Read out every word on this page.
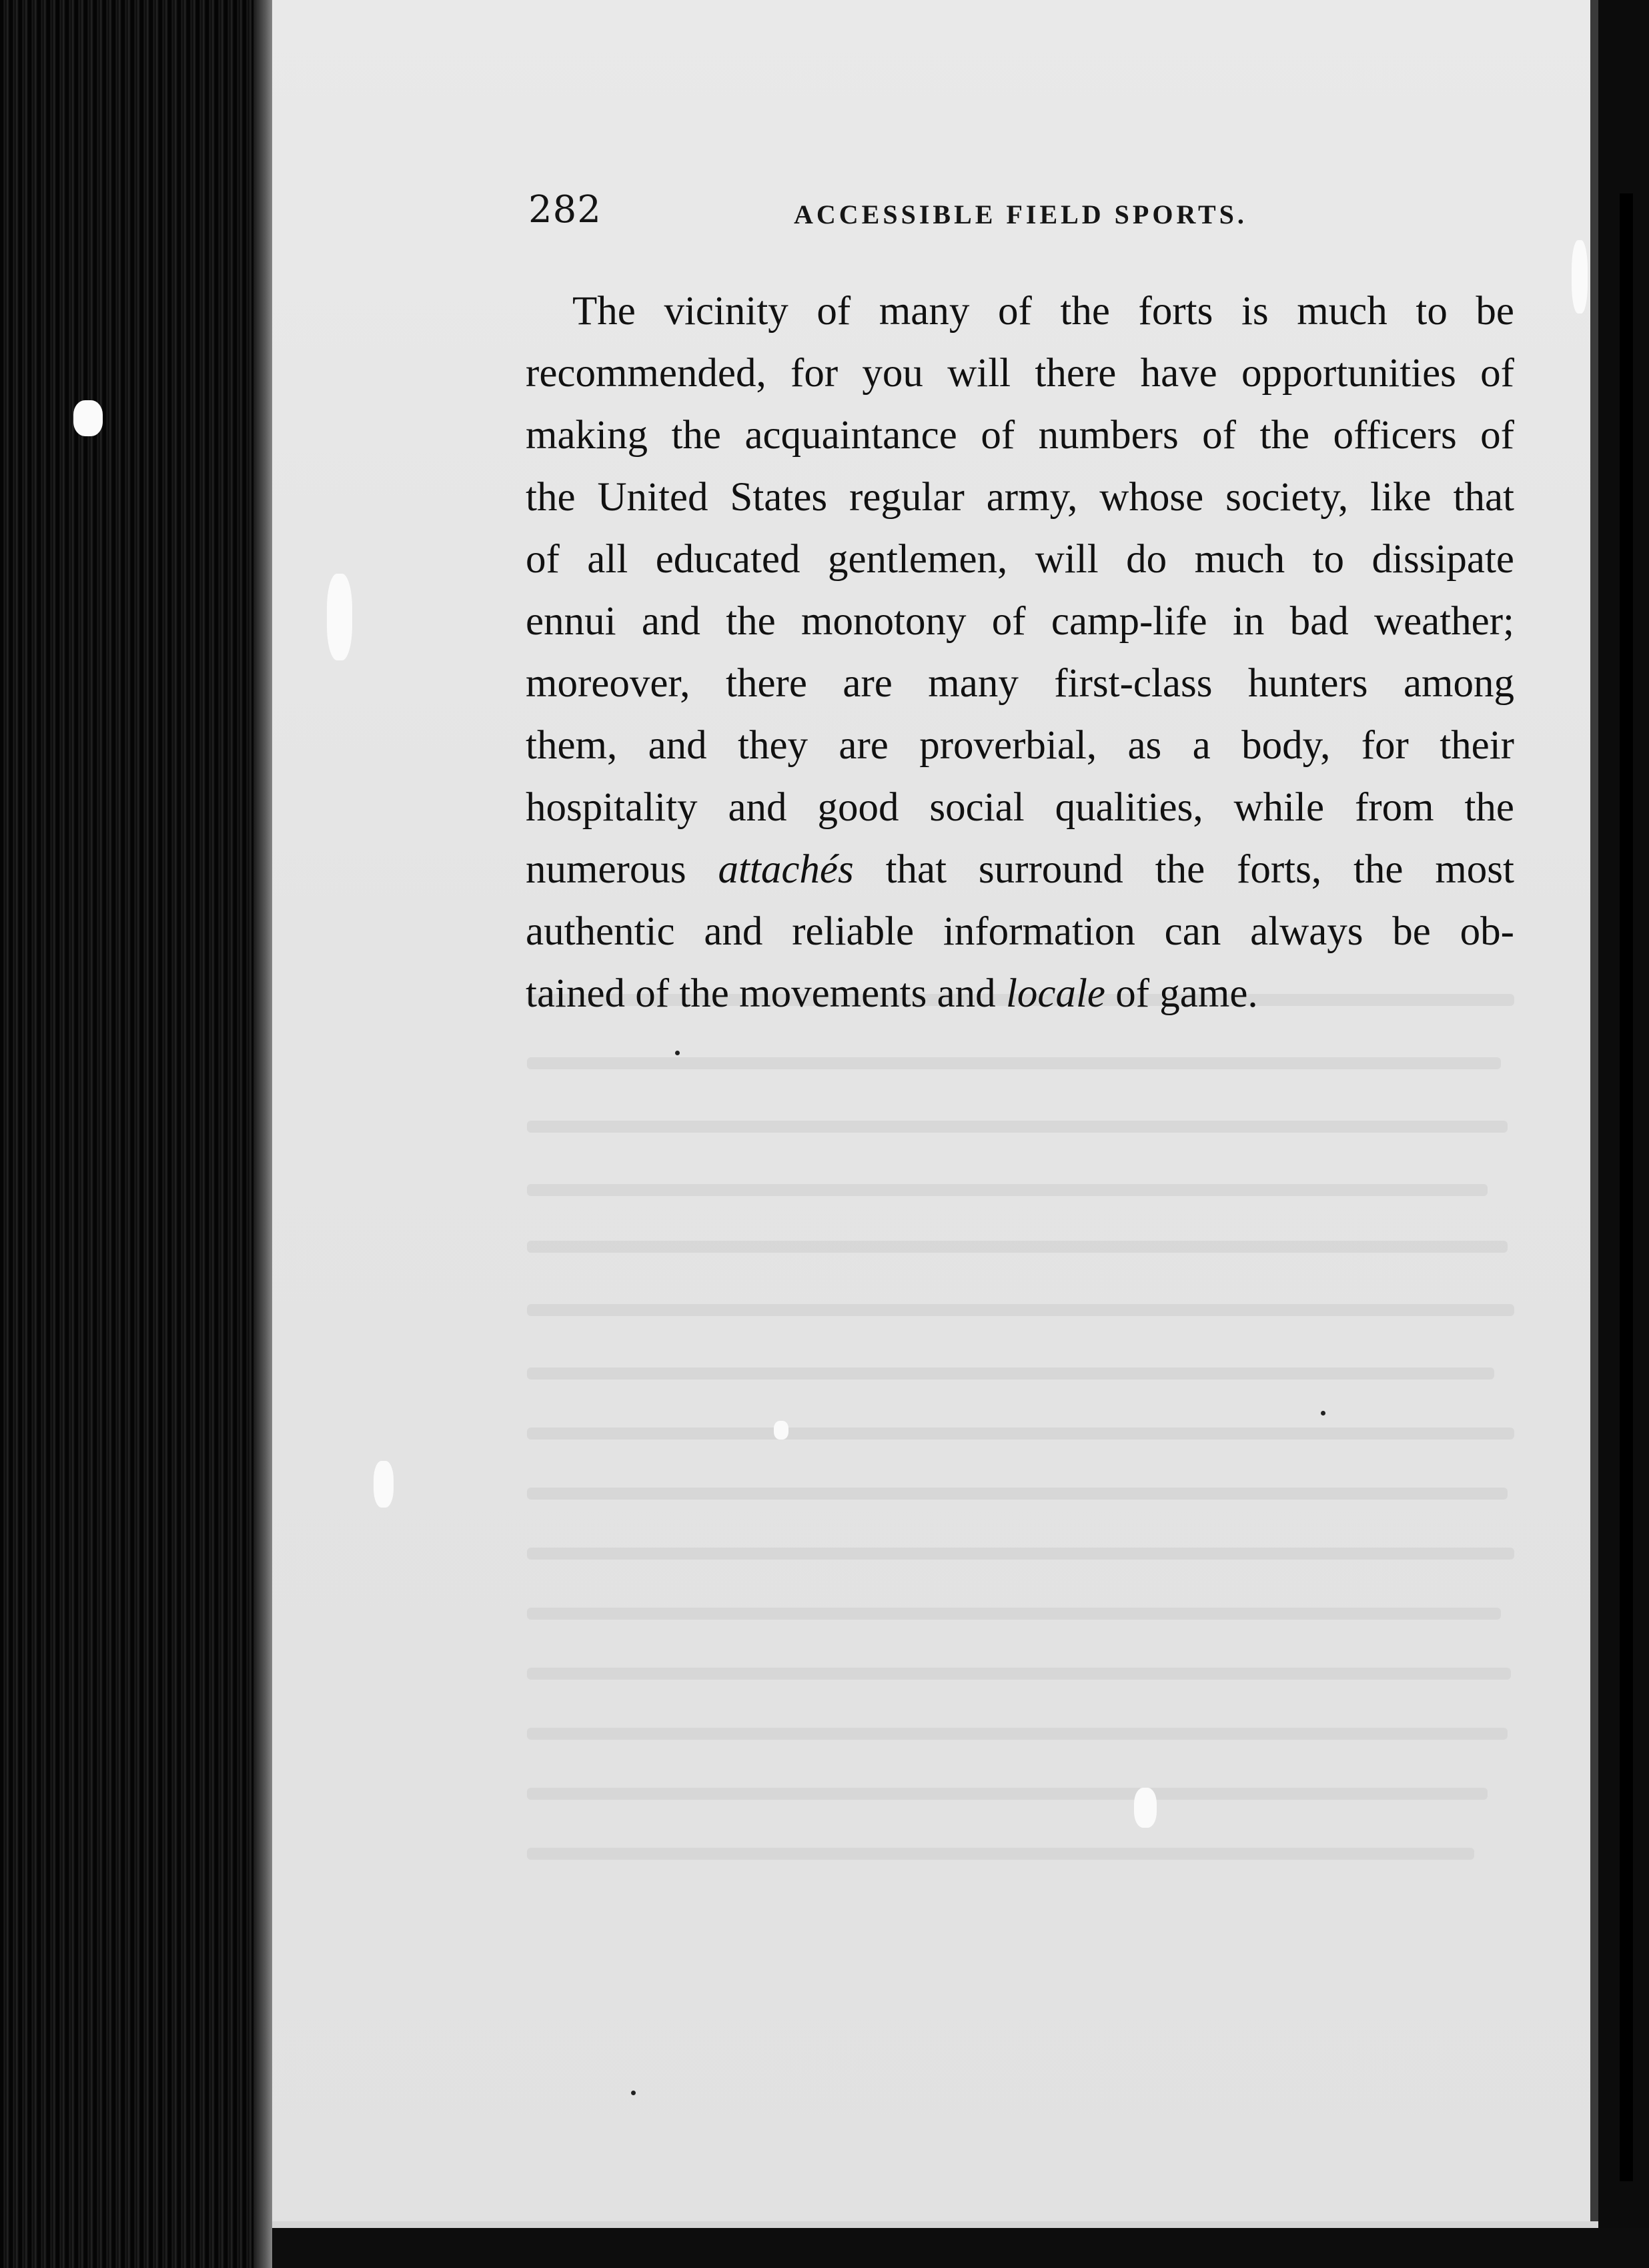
282	ACCESSIBLE FIELD SPORTS.
The vicinity of many of the forts is much to be
recommended, for you will there have opportunities of
making the acquaintance of numbers of the officers of
the United States regular army, whose society, like that
of all educated gentlemen, will do much to dissipate
ennui and the monotony of camp-life in bad weather;
moreover, there are many first-class hunters among
them, and they are proverbial, as a body, for their
hospitality and good social qualities, while from the
numerous attachés that surround the forts, the most
authentic and reliable information can always be ob-
tained of the movements and locale of game.
